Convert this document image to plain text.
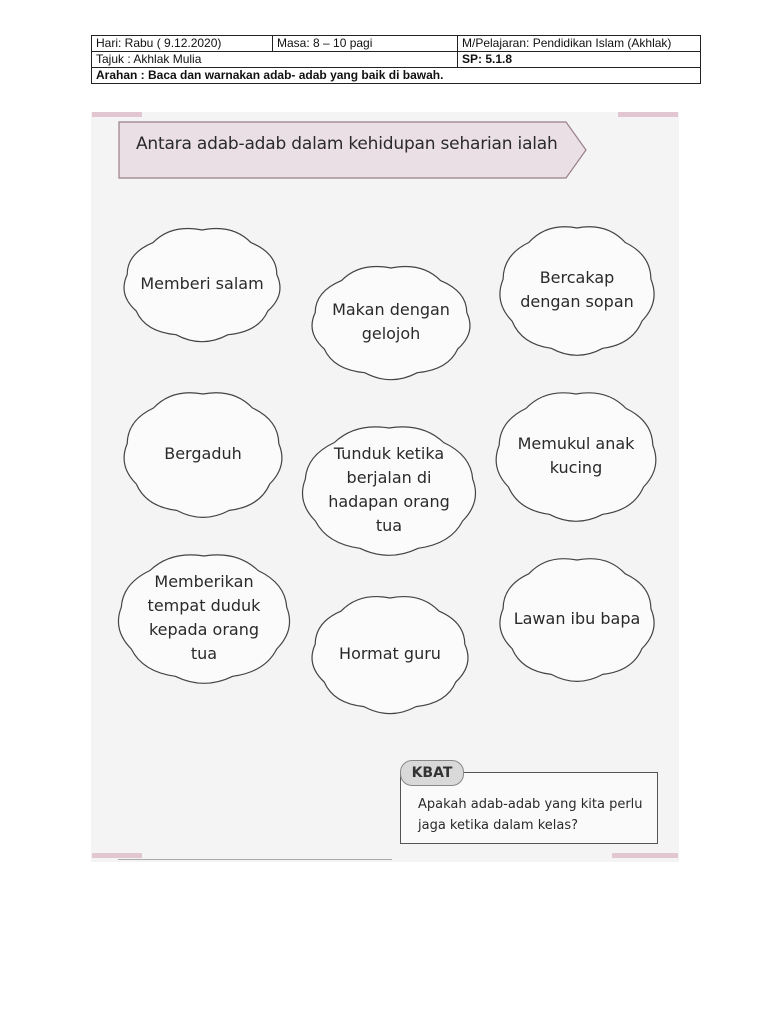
Hari: Rabu ( 9.12.2020)	Masa: 8 – 10 pagi	M/Pelajaran: Pendidikan Islam (Akhlak)
Tajuk : Akhlak Mulia		SP: 5.1.8
Arahan : Baca dan warnakan adab- adab yang baik di bawah.		
Antara adab-adab dalam kehidupan seharian ialah
Memberi salam
Makan dengan
gelojoh
Bercakap
dengan sopan
Bergaduh	Tunduk ketika
berjalan di
hadapan orang
tua
Memukul anak
kucing
Memberikan
tempat duduk
kepada orang
tua	Hormat guru
Lawan ibu bapa
KBAT
Apakah adab-adab yang kita perlu jaga ketika dalam kelas?
